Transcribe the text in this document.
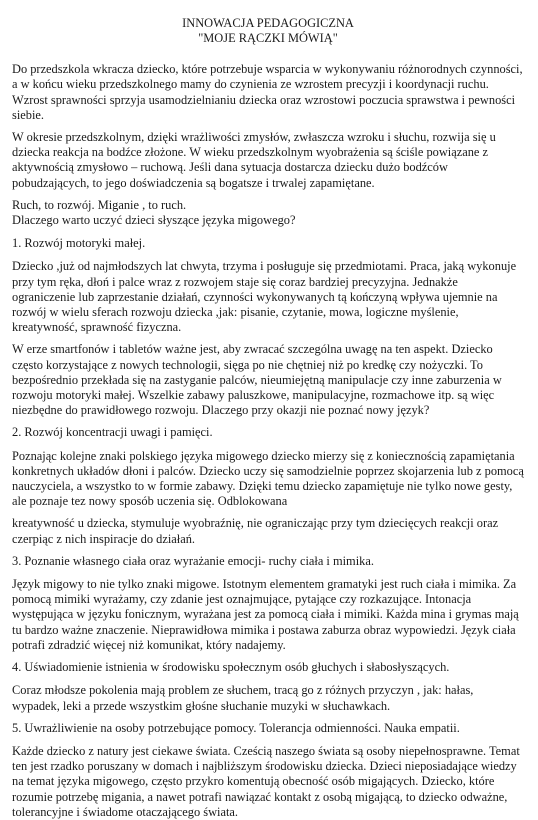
INNOWACJA PEDAGOGICZNA
"MOJE RĄCZKI MÓWIĄ"

Do przedszkola wkracza dziecko, które potrzebuje wsparcia w wykonywaniu różnorodnych czynności, a w końcu wieku przedszkolnego mamy do czynienia ze wzrostem precyzji i koordynacji ruchu. Wzrost sprawności sprzyja usamodzielnianiu dziecka oraz wzrostowi poczucia sprawstwa i pewności siebie.

W okresie przedszkolnym, dzięki wrażliwości zmysłów, zwłaszcza wzroku i słuchu, rozwija się u dziecka reakcja na bodźce złożone. W wieku przedszkolnym wyobrażenia są ściśle powiązane z aktywnością zmysłowo – ruchową. Jeśli dana sytuacja dostarcza dziecku dużo bodźców pobudzających, to jego doświadczenia są bogatsze i trwalej zapamiętane.

Ruch, to rozwój. Miganie , to ruch.

Dlaczego warto uczyć dzieci słyszące języka migowego?

1. Rozwój motoryki małej.

Dziecko ,już od najmłodszych lat chwyta, trzyma i posługuje się przedmiotami. Praca, jaką wykonuje przy tym ręka, dłoń i palce wraz z rozwojem staje się coraz bardziej precyzyjna. Jednakże ograniczenie lub zaprzestanie działań, czynności wykonywanych tą kończyną wpływa ujemnie na rozwój w wielu sferach rozwoju dziecka ,jak: pisanie, czytanie, mowa, logiczne myślenie, kreatywność, sprawność fizyczna.

W erze smartfonów i tabletów ważne jest, aby zwracać szczególna uwagę na ten aspekt. Dziecko często korzystające z nowych technologii, sięga po nie chętniej niż po kredkę czy nożyczki. To bezpośrednio przekłada się na zastyganie palców, nieumiejętną manipulacje czy inne zaburzenia w rozwoju motoryki małej. Wszelkie zabawy paluszkowe, manipulacyjne, rozmachowe itp. są więc niezbędne do prawidłowego rozwoju. Dlaczego przy okazji nie poznać nowy język?

2. Rozwój koncentracji uwagi i pamięci.

Poznając kolejne znaki polskiego języka migowego dziecko mierzy się z koniecznością zapamiętania konkretnych układów dłoni i palców. Dziecko uczy się samodzielnie poprzez skojarzenia lub z pomocą nauczyciela, a wszystko to w formie zabawy. Dzięki temu dziecko zapamiętuje nie tylko nowe gesty, ale poznaje tez nowy sposób uczenia się. Odblokowana

kreatywność u dziecka, stymuluje wyobraźnię, nie ograniczając przy tym dziecięcych reakcji oraz czerpiąc z nich inspiracje do działań.

3. Poznanie własnego ciała oraz wyrażanie emocji- ruchy ciała i mimika.

Język migowy to nie tylko znaki migowe. Istotnym elementem gramatyki jest ruch ciała i mimika. Za pomocą mimiki wyrażamy, czy zdanie jest oznajmujące, pytające czy rozkazujące. Intonacja występująca w języku fonicznym, wyrażana jest za pomocą ciała i mimiki. Każda mina i grymas mają tu bardzo ważne znaczenie. Nieprawidłowa mimika i postawa zaburza obraz wypowiedzi. Język ciała potrafi zdradzić więcej niż komunikat, który nadajemy.

4. Uświadomienie istnienia w środowisku społecznym osób głuchych i słabosłyszących.

Coraz młodsze pokolenia mają problem ze słuchem, tracą go z różnych przyczyn , jak: hałas, wypadek, leki a przede wszystkim głośne słuchanie muzyki w słuchawkach.

5. Uwrażliwienie na osoby potrzebujące pomocy. Tolerancja odmienności. Nauka empatii.

Każde dziecko z natury jest ciekawe świata. Cześcią naszego świata są osoby niepełnosprawne. Temat ten jest rzadko poruszany w domach i najbliższym środowisku dziecka. Dzieci nieposiadające wiedzy na temat języka migowego, często przykro komentują obecność osób migających. Dziecko, które rozumie potrzebę migania, a nawet potrafi nawiązać kontakt z osobą migającą, to dziecko odważne, tolerancyjne i świadome otaczającego świata.
